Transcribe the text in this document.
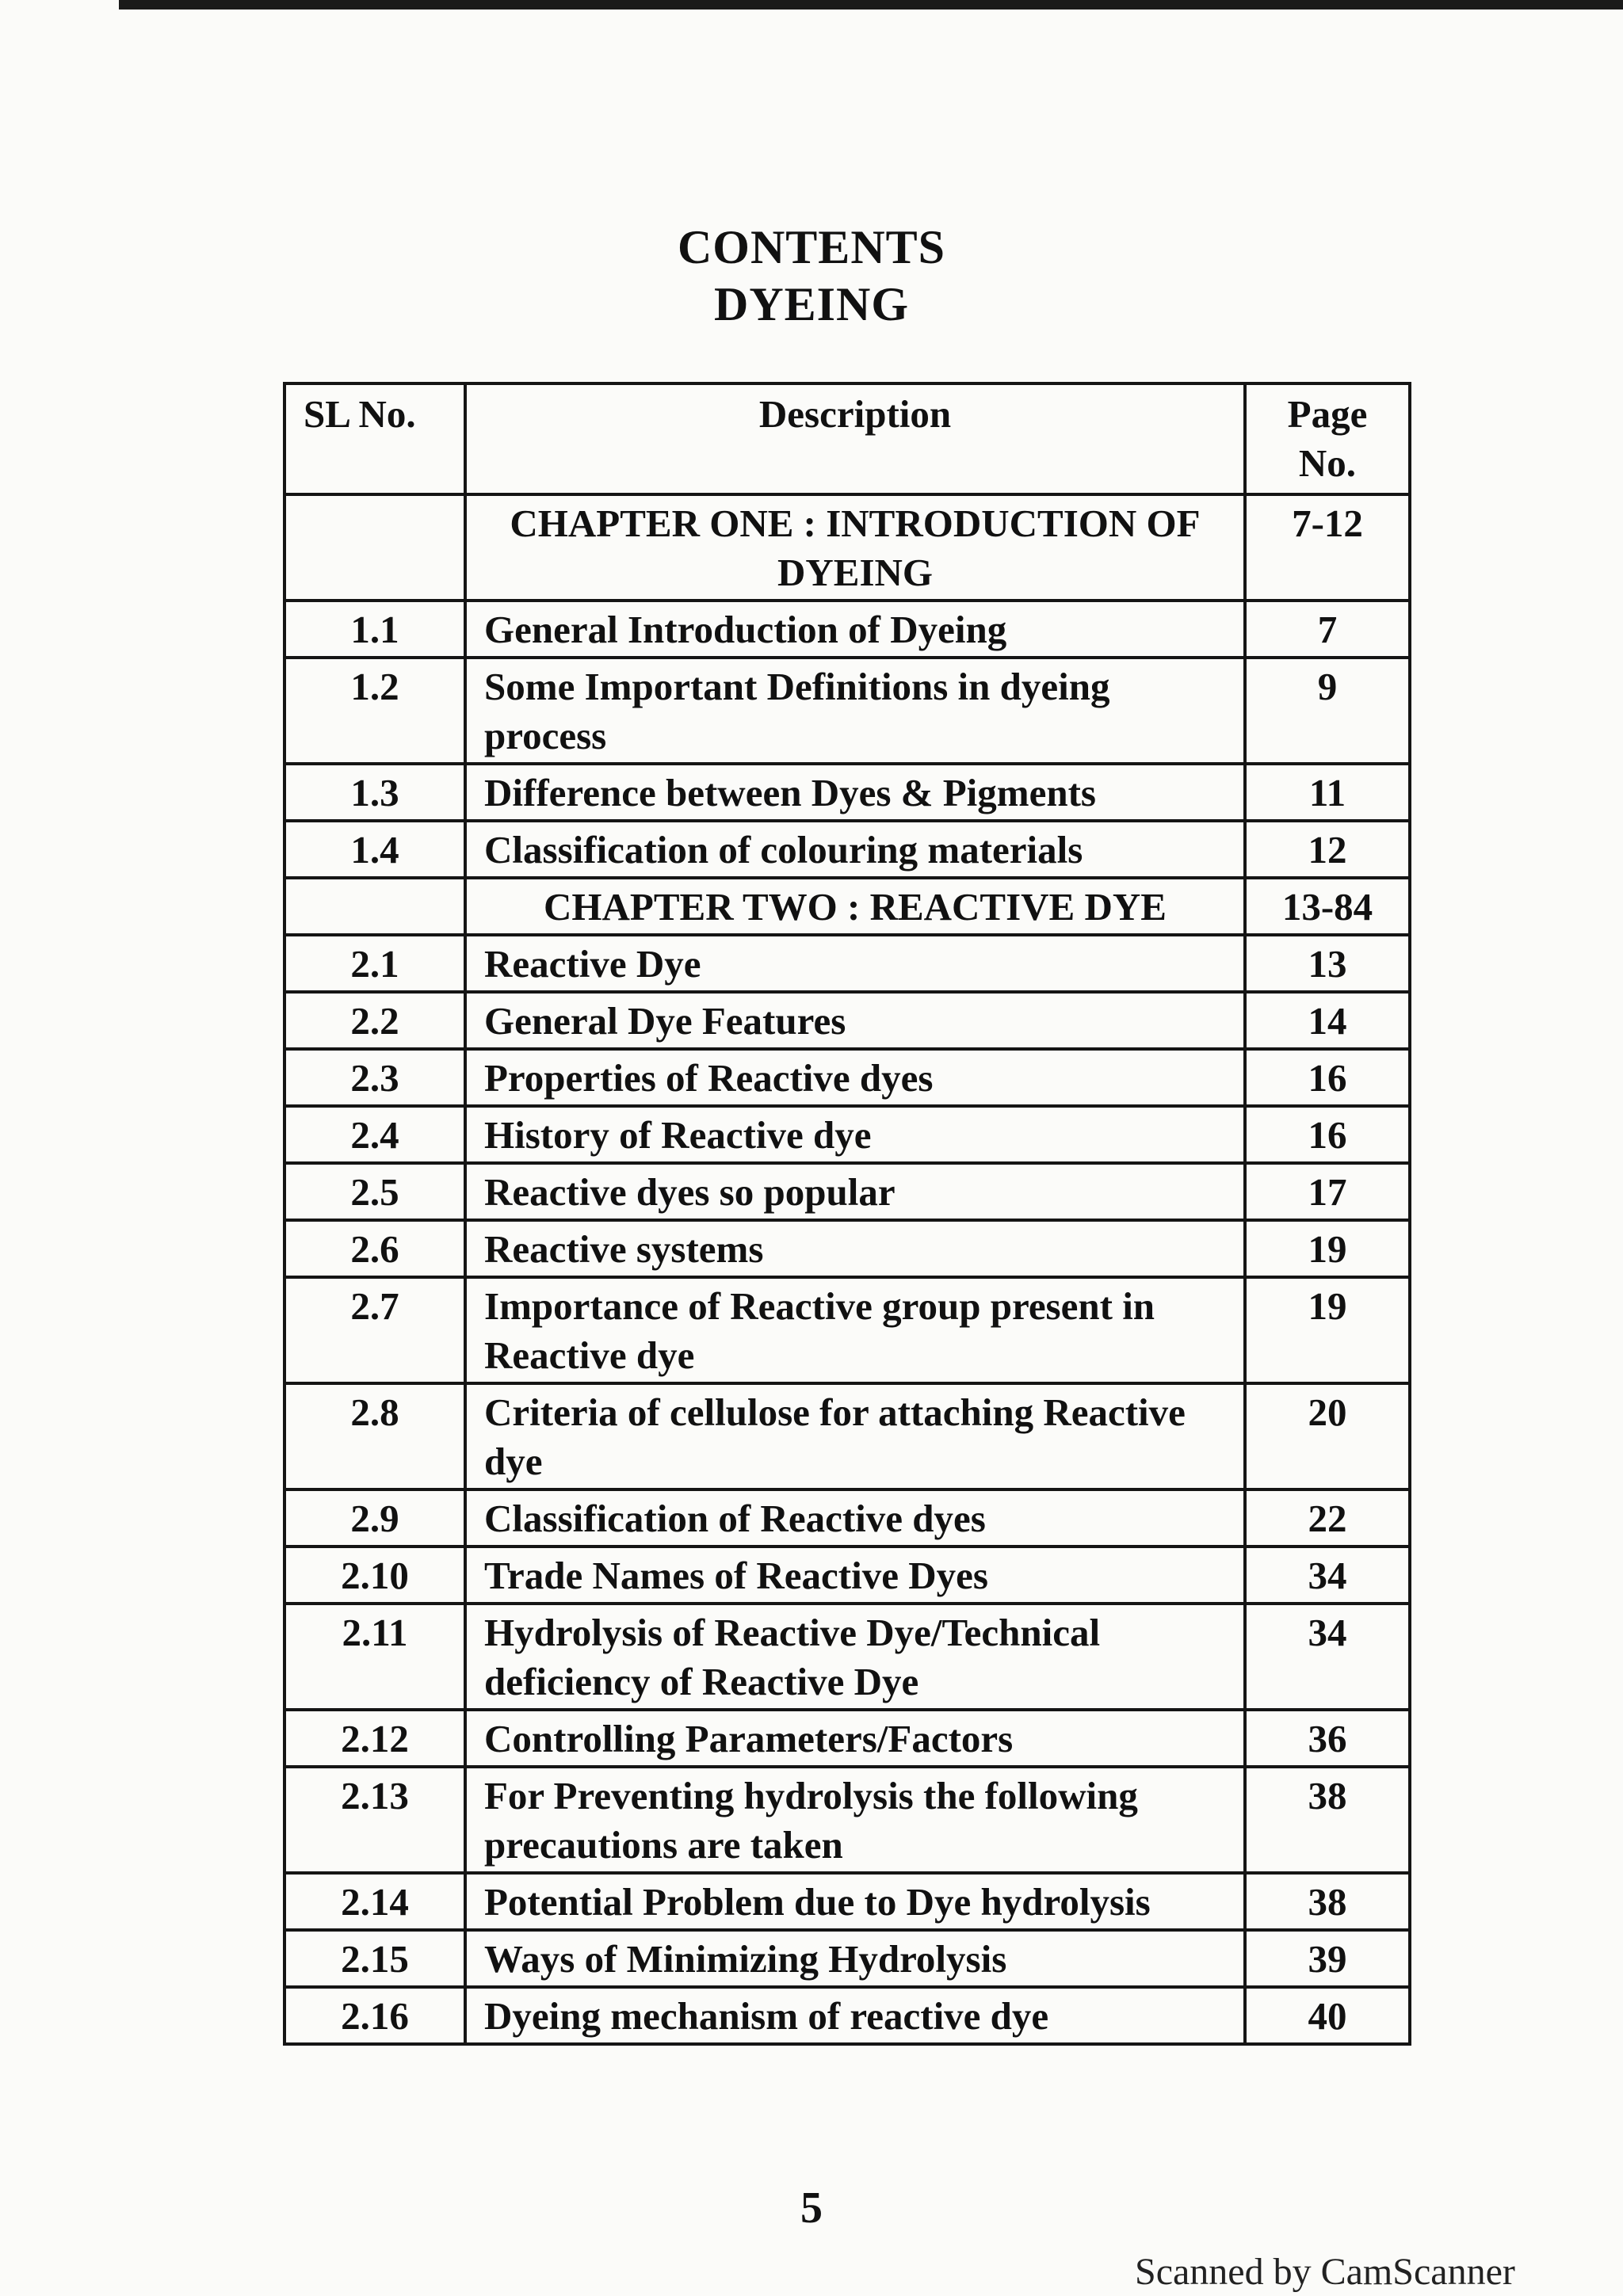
CONTENTS
DYEING
SL No.	Description	Page No.
	CHAPTER ONE : INTRODUCTION OF DYEING	7-12
1.1	General Introduction of Dyeing	7
1.2	Some Important Definitions in dyeing process	9
1.3	Difference between Dyes & Pigments	11
1.4	Classification of colouring materials	12
	CHAPTER TWO : REACTIVE DYE	13-84
2.1	Reactive Dye	13
2.2	General Dye Features	14
2.3	Properties of Reactive dyes	16
2.4	History of Reactive dye	16
2.5	Reactive dyes so popular	17
2.6	Reactive systems	19
2.7	Importance of Reactive group present in Reactive dye	19
2.8	Criteria of cellulose for attaching Reactive dye	20
2.9	Classification of Reactive dyes	22
2.10	Trade Names of Reactive Dyes	34
2.11	Hydrolysis of Reactive Dye/Technical deficiency of Reactive Dye	34
2.12	Controlling Parameters/Factors	36
2.13	For Preventing hydrolysis the following precautions are taken	38
2.14	Potential Problem due to Dye hydrolysis	38
2.15	Ways of Minimizing Hydrolysis	39
2.16	Dyeing mechanism of reactive dye	40
5
Scanned by CamScanner
